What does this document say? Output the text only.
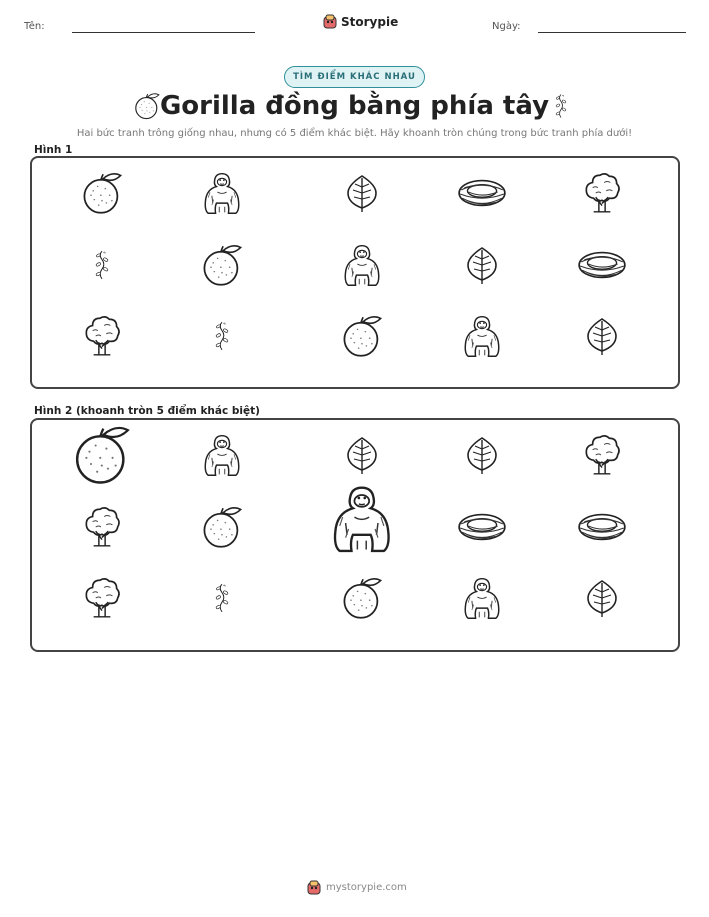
Tên:	Storypie	Ngày:
TÌM ĐIỂM KHÁC NHAU
Gorilla đồng bằng phía tây
Hai bức tranh trông giống nhau, nhưng có 5 điểm khác biệt. Hãy khoanh tròn chúng trong bức tranh phía dưới!
Hình 1
Hình 2 (khoanh tròn 5 điểm khác biệt)
mystorypie.com
